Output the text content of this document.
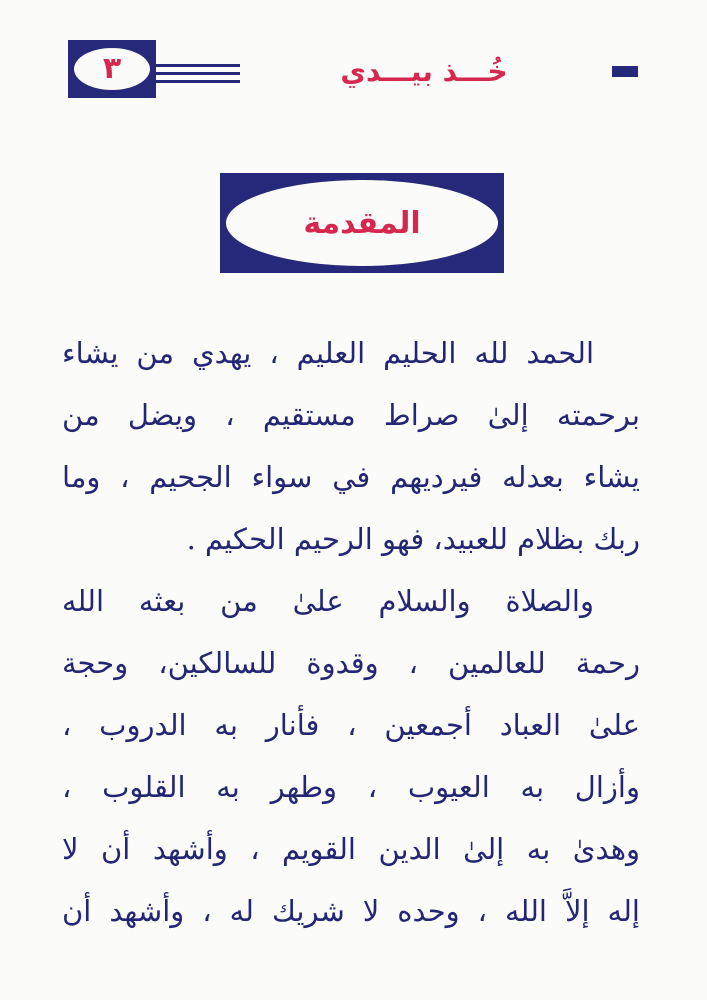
٣	خُـــذ بيـــدي
المقدمة
الحمد لله الحليم العليم ، يهدي من يشاء
برحمته إلىٰ صراط مستقيم ، ويضل من
يشاء بعدله فيرديهم في سواء الجحيم ، وما
ربك بظلام للعبيد، فهو الرحيم الحكيم .
والصلاة والسلام علىٰ من بعثه الله
رحمة للعالمين ، وقدوة للسالكين، وحجة
علىٰ العباد أجمعين ، فأنار به الدروب ،
وأزال به العيوب ، وطهر به القلوب ،
وهدىٰ به إلىٰ الدين القويم ، وأشهد أن لا
إله إلاَّ الله ، وحده لا شريك له ، وأشهد أن
